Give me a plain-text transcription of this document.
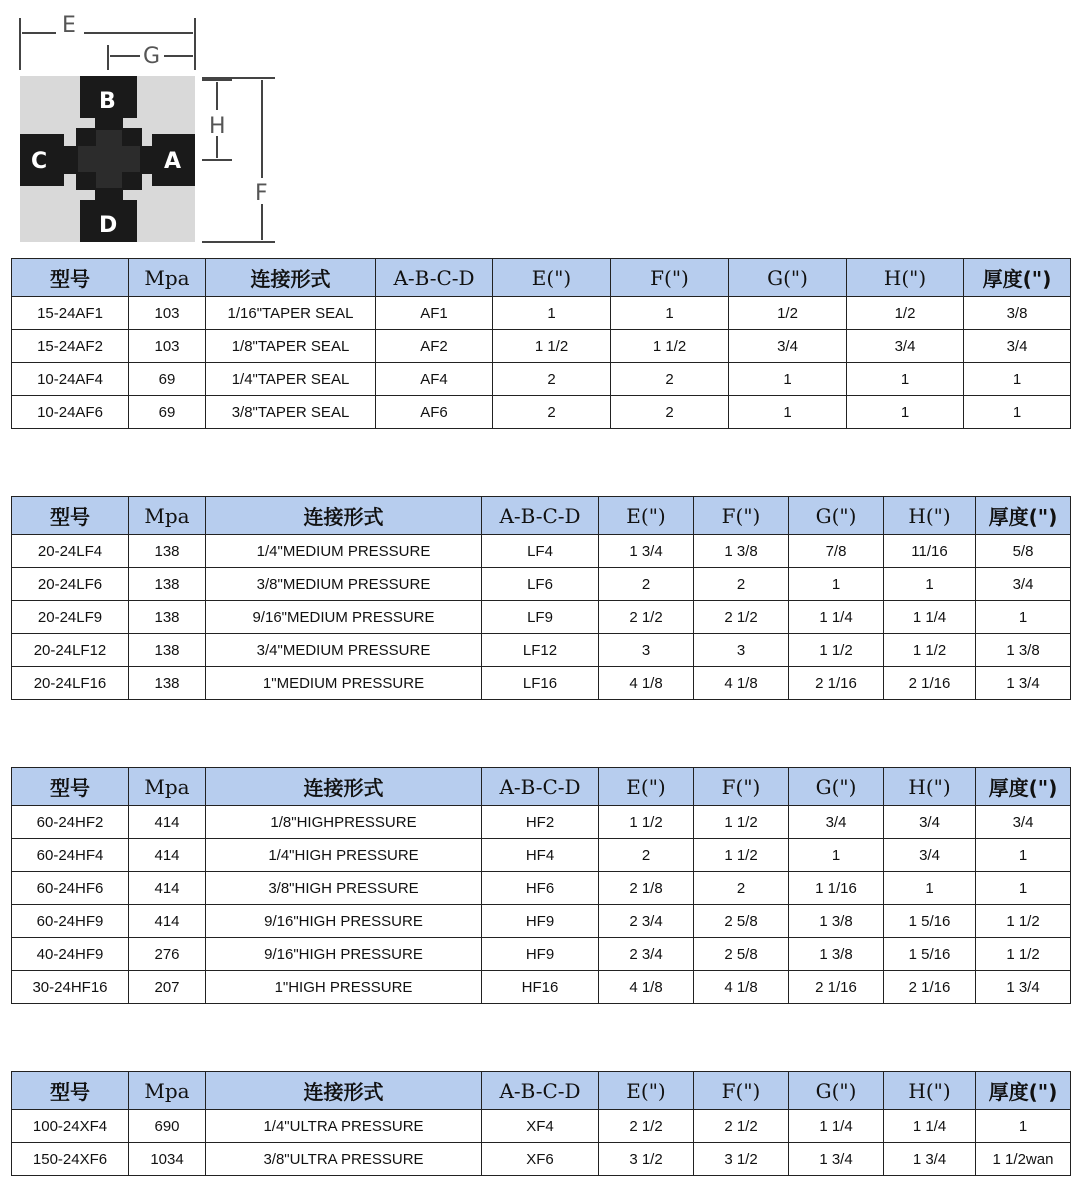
E
G
H
F
B
C	A
D
型号	Mpa	连接形式	A-B-C-D	E(")	F(")	G(")	H(")	厚度(")
15-24AF1	103	1/16"TAPER SEAL	AF1	1	1	1/2	1/2	3/8
15-24AF2	103	1/8"TAPER SEAL	AF2	1 1/2	1 1/2	3/4	3/4	3/4
10-24AF4	69	1/4"TAPER SEAL	AF4	2	2	1	1	1
10-24AF6	69	3/8"TAPER SEAL	AF6	2	2	1	1	1
型号	Mpa	连接形式	A-B-C-D	E(")	F(")	G(")	H(")	厚度(")
20-24LF4	138	1/4"MEDIUM PRESSURE	LF4	1 3/4	1 3/8	7/8	11/16	5/8
20-24LF6	138	3/8"MEDIUM PRESSURE	LF6	2	2	1	1	3/4
20-24LF9	138	9/16"MEDIUM PRESSURE	LF9	2 1/2	2 1/2	1 1/4	1 1/4	1
20-24LF12	138	3/4"MEDIUM PRESSURE	LF12	3	3	1 1/2	1 1/2	1 3/8
20-24LF16	138	1"MEDIUM PRESSURE	LF16	4 1/8	4 1/8	2 1/16	2 1/16	1 3/4
型号	Mpa	连接形式	A-B-C-D	E(")	F(")	G(")	H(")	厚度(")
60-24HF2	414	1/8"HIGHPRESSURE	HF2	1 1/2	1 1/2	3/4	3/4	3/4
60-24HF4	414	1/4"HIGH PRESSURE	HF4	2	1 1/2	1	3/4	1
60-24HF6	414	3/8"HIGH PRESSURE	HF6	2 1/8	2	1 1/16	1	1
60-24HF9	414	9/16"HIGH PRESSURE	HF9	2 3/4	2 5/8	1 3/8	1 5/16	1 1/2
40-24HF9	276	9/16"HIGH PRESSURE	HF9	2 3/4	2 5/8	1 3/8	1 5/16	1 1/2
30-24HF16	207	1"HIGH PRESSURE	HF16	4 1/8	4 1/8	2 1/16	2 1/16	1 3/4
型号	Mpa	连接形式	A-B-C-D	E(")	F(")	G(")	H(")	厚度(")
100-24XF4	690	1/4"ULTRA PRESSURE	XF4	2 1/2	2 1/2	1 1/4	1 1/4	1
150-24XF6	1034	3/8"ULTRA PRESSURE	XF6	3 1/2	3 1/2	1 3/4	1 3/4	1 1/2wan
